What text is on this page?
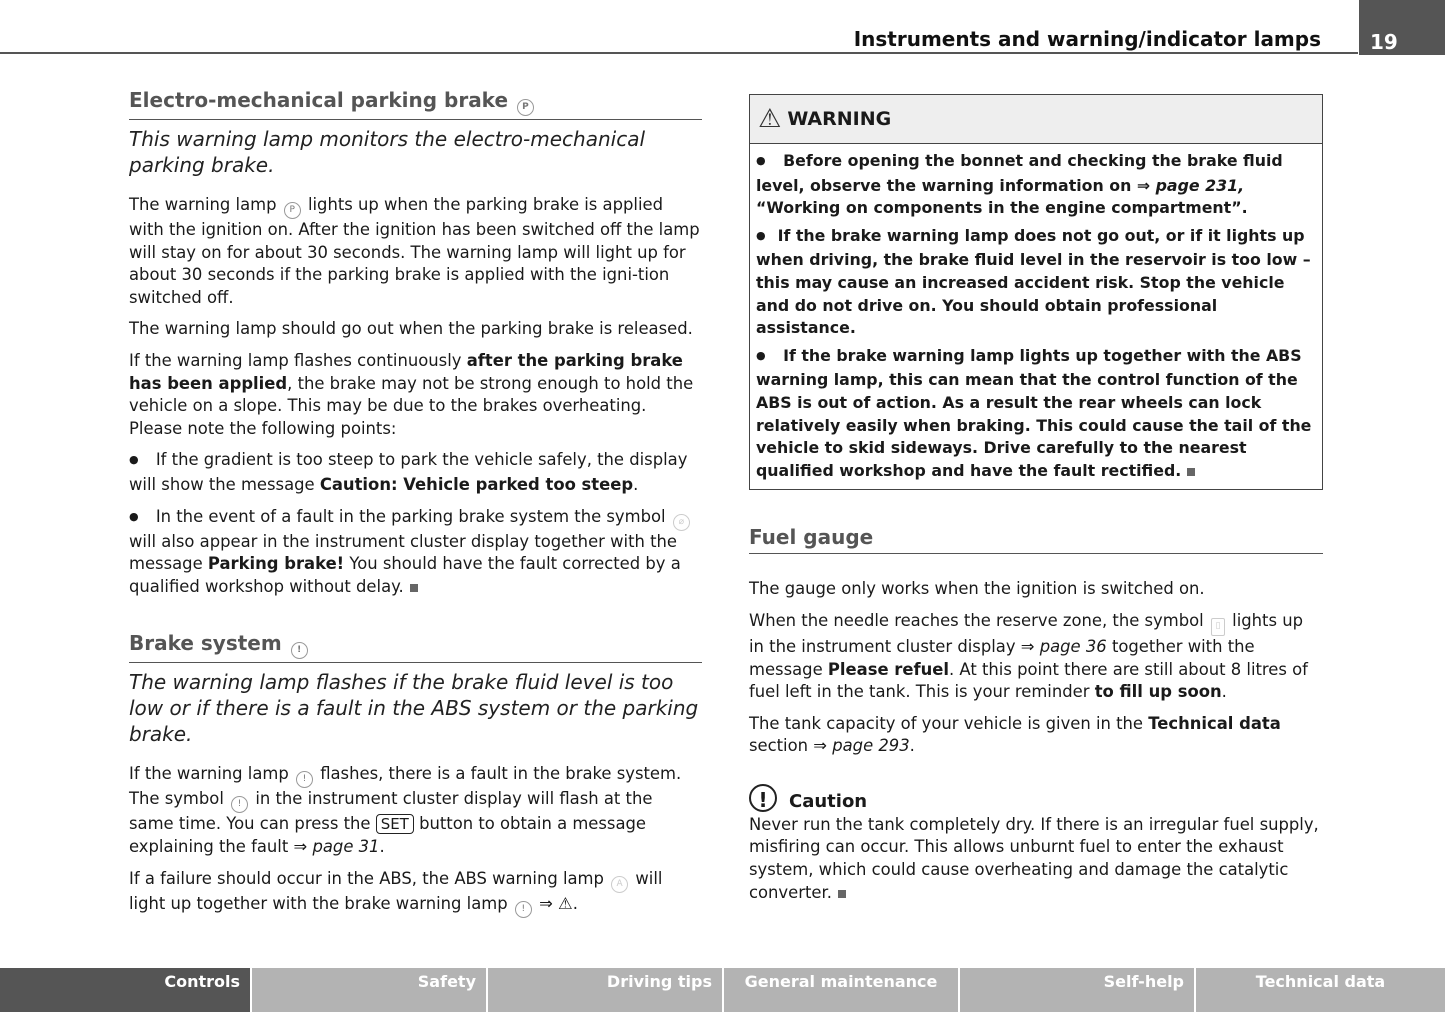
Instruments and warning/indicator lamps	19
Electro-mechanical parking brake P
This warning lamp monitors the electro-mechanical parking brake.

The warning lamp P lights up when the parking brake is applied with the ignition on. After the ignition has been switched off the lamp will stay on for about 30 seconds. The warning lamp will light up for about 30 seconds if the parking brake is applied with the igni-tion switched off.

The warning lamp should go out when the parking brake is released.

If the warning lamp flashes continuously after the parking brake has been applied, the brake may not be strong enough to hold the vehicle on a slope. This may be due to the brakes overheating. Please note the following points:

● If the gradient is too steep to park the vehicle safely, the display will show the message Caution: Vehicle parked too steep.

● In the event of a fault in the parking brake system the symbol ⌀ will also appear in the instrument cluster display together with the message Parking brake! You should have the fault corrected by a qualified workshop without delay.

Brake system !
The warning lamp flashes if the brake fluid level is too low or if there is a fault in the ABS system or the parking brake.

If the warning lamp ! flashes, there is a fault in the brake system. The symbol ! in the instrument cluster display will flash at the same time. You can press the SET button to obtain a message explaining the fault ⇒ page 31.

If a failure should occur in the ABS, the ABS warning lamp A will light up together with the brake warning lamp ! ⇒ ⚠.

⚠ WARNING

● Before opening the bonnet and checking the brake fluid level, observe the warning information on ⇒ page 231, “Working on components in the engine compartment”.

● If the brake warning lamp does not go out, or if it lights up when driving, the brake fluid level in the reservoir is too low – this may cause an increased accident risk. Stop the vehicle and do not drive on. You should obtain professional assistance.

● If the brake warning lamp lights up together with the ABS warning lamp, this can mean that the control function of the ABS is out of action. As a result the rear wheels can lock relatively easily when braking. This could cause the tail of the vehicle to skid sideways. Drive carefully to the nearest qualified workshop and have the fault rectified.

Fuel gauge

The gauge only works when the ignition is switched on.

When the needle reaches the reserve zone, the symbol ▯ lights up in the instrument cluster display ⇒ page 36 together with the message Please refuel. At this point there are still about 8 litres of fuel left in the tank. This is your reminder to fill up soon.

The tank capacity of your vehicle is given in the Technical data section ⇒ page 293.

!	Caution

Never run the tank completely dry. If there is an irregular fuel supply, misfiring can occur. This allows unburnt fuel to enter the exhaust system, which could cause overheating and damage the catalytic converter.

Controls	Safety	Driving tips	General maintenance	Self-help	Technical data
